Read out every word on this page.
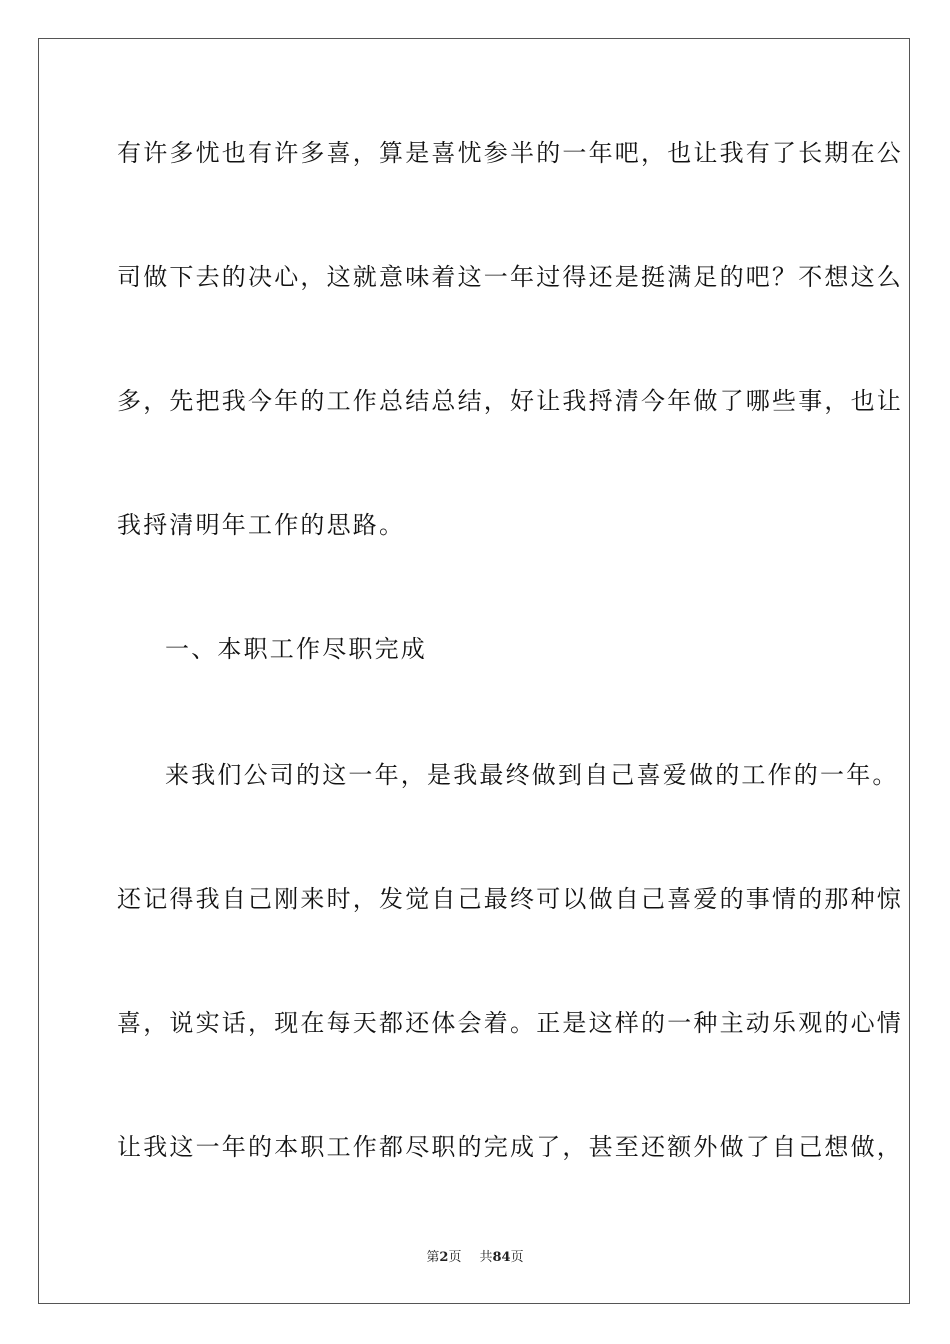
有许多忧也有许多喜，算是喜忧参半的一年吧，也让我有了长期在公
司做下去的决心，这就意味着这一年过得还是挺满足的吧？不想这么
多，先把我今年的工作总结总结，好让我捋清今年做了哪些事，也让
我捋清明年工作的思路。
一、本职工作尽职完成
来我们公司的这一年，是我最终做到自己喜爱做的工作的一年。
还记得我自己刚来时，发觉自己最终可以做自己喜爱的事情的那种惊
喜，说实话，现在每天都还体会着。正是这样的一种主动乐观的心情
让我这一年的本职工作都尽职的完成了，甚至还额外做了自己想做，
第2页 共84页
